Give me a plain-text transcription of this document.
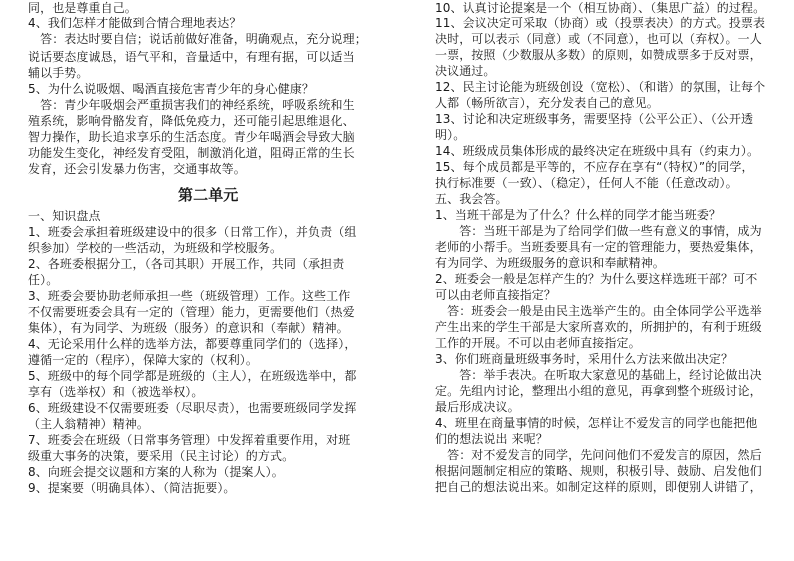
同，也是尊重自己。
4、我们怎样才能做到合情合理地表达？
　答：表达时要自信；说话前做好准备，明确观点，充分说理；
说话要态度诚恳，语气平和，音量适中，有理有据，可以适当
辅以手势。
5、为什么说吸烟、喝酒直接危害青少年的身心健康？
　答：青少年吸烟会严重损害我们的神经系统，呼吸系统和生
殖系统，影响骨骼发育，降低免疫力，还可能引起思维退化、
智力操作，助长追求享乐的生活态度。青少年喝酒会导致大脑
功能发生变化，神经发育受阻，制激消化道，阻碍正常的生长
发育，还会引发暴力伤害，交通事故等。
第二单元
一、知识盘点
1、班委会承担着班级建设中的很多（日常工作），并负责（组
织参加）学校的一些活动，为班级和学校服务。
2、各班委根据分工，（各司其职）开展工作，共同（承担责
任）。
3、班委会要协助老师承担一些（班级管理）工作。这些工作
不仅需要班委会具有一定的（管理）能力，更需要他们（热爱
集体），有为同学、为班级（服务）的意识和（奉献）精神。
4、无论采用什么样的选举方法，都要尊重同学们的（选择），
遵循一定的（程序），保障大家的（权利）。
5、班级中的每个同学都是班级的（主人），在班级选举中，都
享有（选举权）和（被选举权）。
6、班级建设不仅需要班委（尽职尽责），也需要班级同学发挥
（主人翁精神）精神。
7、班委会在班级（日常事务管理）中发挥着重要作用，对班
级重大事务的决策，要采用（民主讨论）的方式。
8、向班会提交议题和方案的人称为（提案人）。
9、提案要（明确具体）、（简洁扼要）。
10、认真讨论提案是一个（相互协商）、（集思广益）的过程。
11、会议决定可采取（协商）或（投票表决）的方式。投票表
决时，可以表示（同意）或（不同意），也可以（弃权）。一人
一票，按照（少数服从多数）的原则，如赞成票多于反对票，
决议通过。
12、民主讨论能为班级创设（宽松）、（和谐）的氛围，让每个
人都（畅所欲言），充分发表自己的意见。
13、讨论和决定班级事务，需要坚持（公平公正）、（公开透
明）。
14、班级成员集体形成的最终决定在班级中具有（约束力）。
15、每个成员都是平等的，不应存在享有“（特权）”的同学，
执行标准要（一致）、（稳定），任何人不能（任意改动）。
五、我会答。
1、当班干部是为了什么？什么样的同学才能当班委？
　　答：当班干部是为了给同学们做一些有意义的事情，成为
老师的小帮手。当班委要具有一定的管理能力，要热爱集体，
有为同学、为班级服务的意识和奉献精神。
2、班委会一般是怎样产生的？为什么要这样选班干部？可不
可以由老师直接指定？
　答：班委会一般是由民主选举产生的。由全体同学公平选举
产生出来的学生干部是大家所喜欢的，所拥护的，有利于班级
工作的开展。不可以由老师直接指定。
3、你们班商量班级事务时，采用什么方法来做出决定？
　　答：举手表决。在听取大家意见的基础上，经讨论做出决
定。先组内讨论，整理出小组的意见，再拿到整个班级讨论，
最后形成决议。
4、班里在商量事情的时候，怎样让不爱发言的同学也能把他
们的想法说出 来呢？
　答：对不爱发言的同学，先问问他们不爱发言的原因，然后
根据问题制定相应的策略、规则，积极引导、鼓励、启发他们
把自己的想法说出来。如制定这样的原则，即便别人讲错了，
